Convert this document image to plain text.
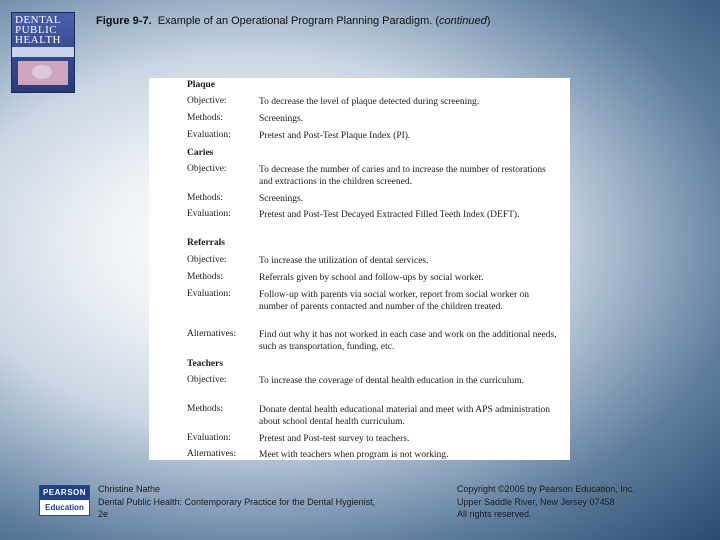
DENTAL
PUBLIC
HEALTH
Figure 9-7. Example of an Operational Program Planning Paradigm. (continued)
Plaque
Objective:	To decrease the level of plaque detected during screening.
Methods:	Screenings.
Evaluation:	Pretest and Post-Test Plaque Index (PI).
Caries
Objective:	To decrease the number of caries and to increase the number of restorations and extractions in the children screened.
Methods:	Screenings.
Evaluation:	Pretest and Post-Test Decayed Extracted Filled Teeth Index (DEFT).
Referrals
Objective:	To increase the utilization of dental services.
Methods:	Referrals given by school and follow-ups by social worker.
Evaluation:	Follow-up with parents via social worker, report from social worker on number of parents contacted and number of the children treated.
Alternatives:	Find out why it has not worked in each case and work on the additional needs, such as transportation, funding, etc.
Teachers
Objective:	To increase the coverage of dental health education in the curriculum.
Methods:	Donate dental health educational material and meet with APS administration about school dental health curriculum.
Evaluation:	Pretest and Post-test survey to teachers.
Alternatives:	Meet with teachers when program is not working.
PEARSON
Education
Christine Nathe
Dental Public Health: Contemporary Practice for the Dental Hygienist,
2e
Copyright ©2005 by Pearson Education, Inc.
Upper Saddle River, New Jersey 07458
All rights reserved.
